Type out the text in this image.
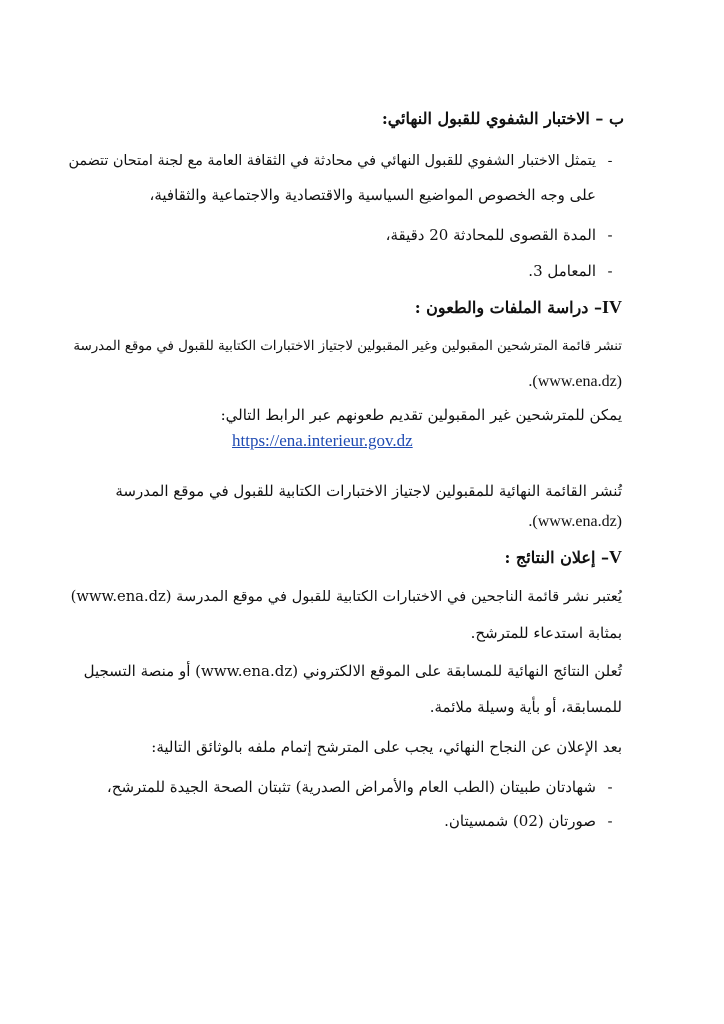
ب – الاختبار الشفوي للقبول النهائي:
-يتمثل الاختبار الشفوي للقبول النهائي في محادثة في الثقافة العامة مع لجنة امتحان تتضمن
على وجه الخصوص المواضيع السياسية والاقتصادية والاجتماعية والثقافية،
-المدة القصوى للمحادثة 20 دقيقة،
-المعامل 3.
IV– دراسة الملفات والطعون :
تنشر قائمة المترشحين المقبولين وغير المقبولين لاجتياز الاختبارات الكتابية للقبول في موقع المدرسة
.(www.ena.dz)
يمكن للمترشحين غير المقبولين تقديم طعونهم عبر الرابط التالي:
https://ena.interieur.gov.dz
تُنشر القائمة النهائية للمقبولين لاجتياز الاختبارات الكتابية للقبول في موقع المدرسة
.(www.ena.dz)
V– إعلان النتائج :
يُعتبر نشر قائمة الناجحين في الاختبارات الكتابية للقبول في موقع المدرسة (www.ena.dz)
بمثابة استدعاء للمترشح.
تُعلن النتائج النهائية للمسابقة على الموقع الالكتروني (www.ena.dz) أو منصة التسجيل
للمسابقة، أو بأية وسيلة ملائمة.
بعد الإعلان عن النجاح النهائي، يجب على المترشح إتمام ملفه بالوثائق التالية:
-شهادتان طبيتان (الطب العام والأمراض الصدرية) تثبتان الصحة الجيدة للمترشح،
-صورتان (02) شمسيتان.
